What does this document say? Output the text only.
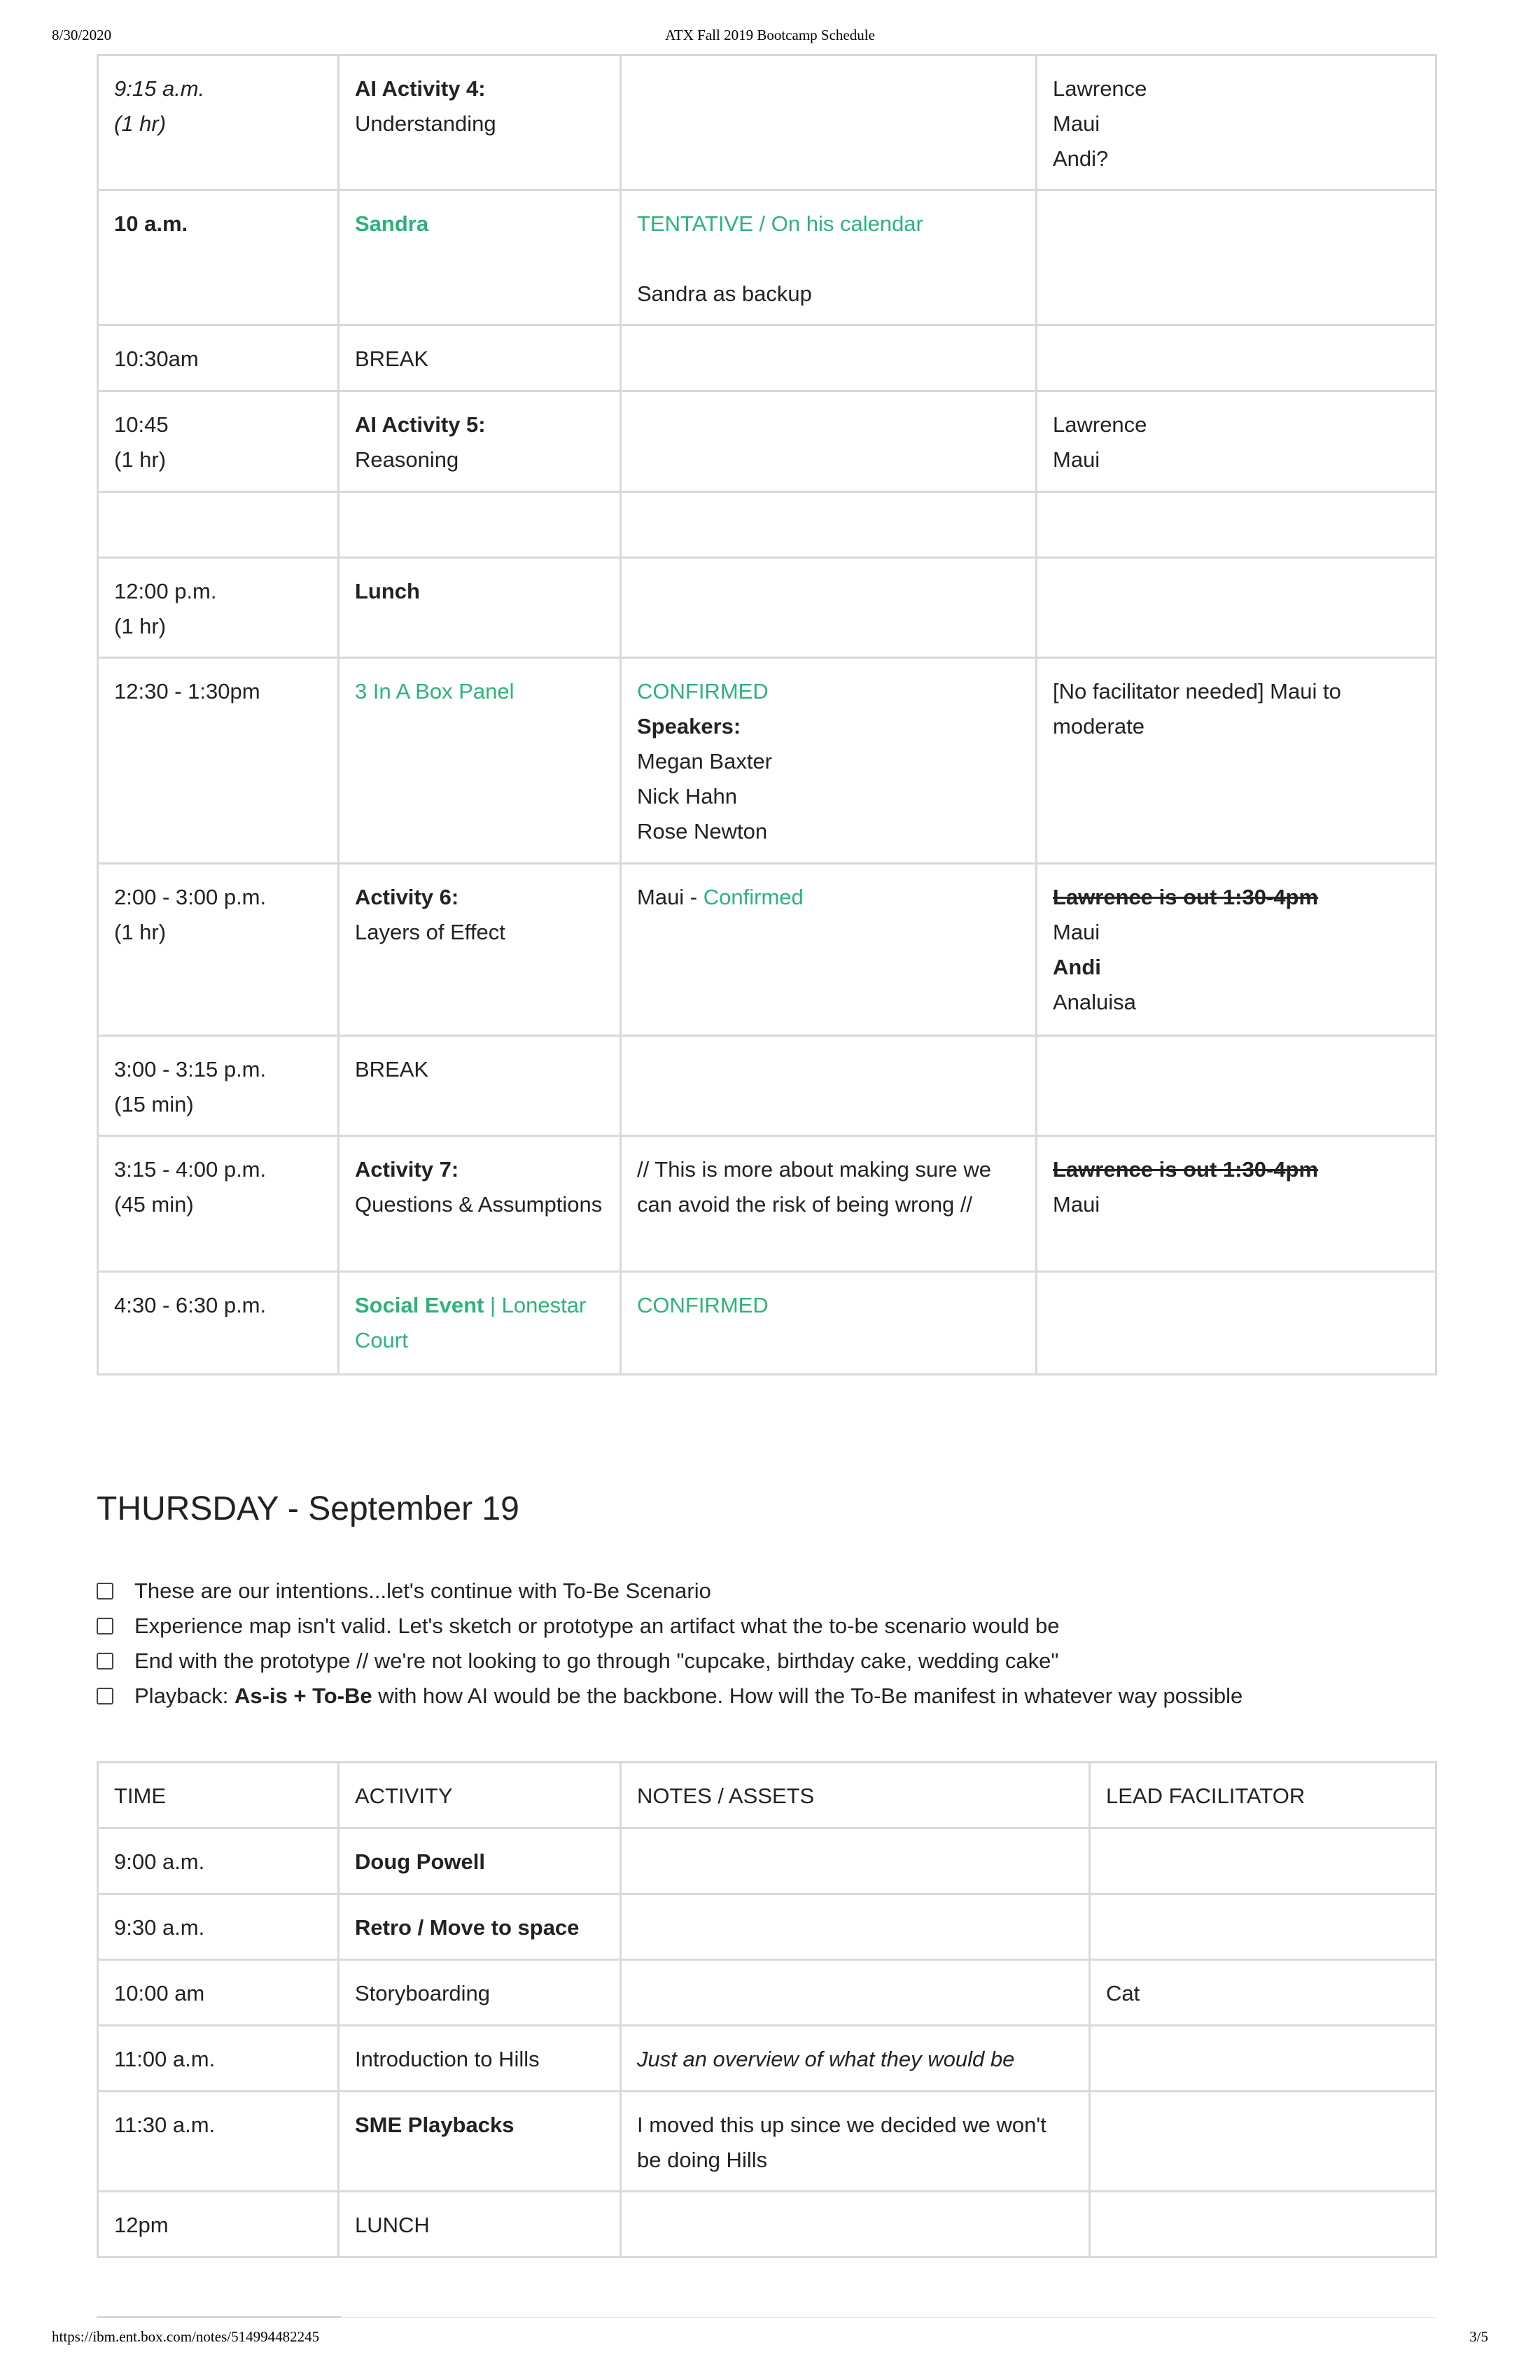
8/30/2020	ATX Fall 2019 Bootcamp Schedule
9:15 a.m.
(1 hr)	AI Activity 4:
Understanding		Lawrence
Maui
Andi?

10 a.m.	Sandra	TENTATIVE / On his calendar

Sandra as backup	

10:30am	BREAK		

10:45
(1 hr)	AI Activity 5:
Reasoning		Lawrence
Maui

12:00 p.m.
(1 hr)	Lunch		
12:30 - 1:30pm	3 In A Box Panel	CONFIRMED
Speakers:
Megan Baxter
Nick Hahn
Rose Newton	[No facilitator needed] Maui to moderate

2:00 - 3:00 p.m.
(1 hr)	Activity 6:
Layers of Effect	Maui - Confirmed	Lawrence is out 1:30-4pm
Maui
Andi
Analuisa

3:00 - 3:15 p.m.
(15 min)	BREAK		

3:15 - 4:00 p.m.
(45 min)	Activity 7:
Questions & Assumptions	// This is more about making sure we can avoid the risk of being wrong //	Lawrence is out 1:30-4pm
Maui

4:30 - 6:30 p.m.	Social Event | Lonestar Court	CONFIRMED	
THURSDAY - September 19
These are our intentions...let's continue with To-Be Scenario
Experience map isn't valid. Let's sketch or prototype an artifact what the to-be scenario would be
End with the prototype // we're not looking to go through "cupcake, birthday cake, wedding cake"
Playback: As-is + To-Be with how AI would be the backbone. How will the To-Be manifest in whatever way possible
TIME	ACTIVITY	NOTES / ASSETS	LEAD FACILITATOR
9:00 a.m.	Doug Powell		
9:30 a.m.	Retro / Move to space		
10:00 am	Storyboarding		Cat
11:00 a.m.	Introduction to Hills	Just an overview of what they would be	
11:30 a.m.	SME Playbacks	I moved this up since we decided we won't be doing Hills	
12pm	LUNCH		
https://ibm.ent.box.com/notes/514994482245	3/5
